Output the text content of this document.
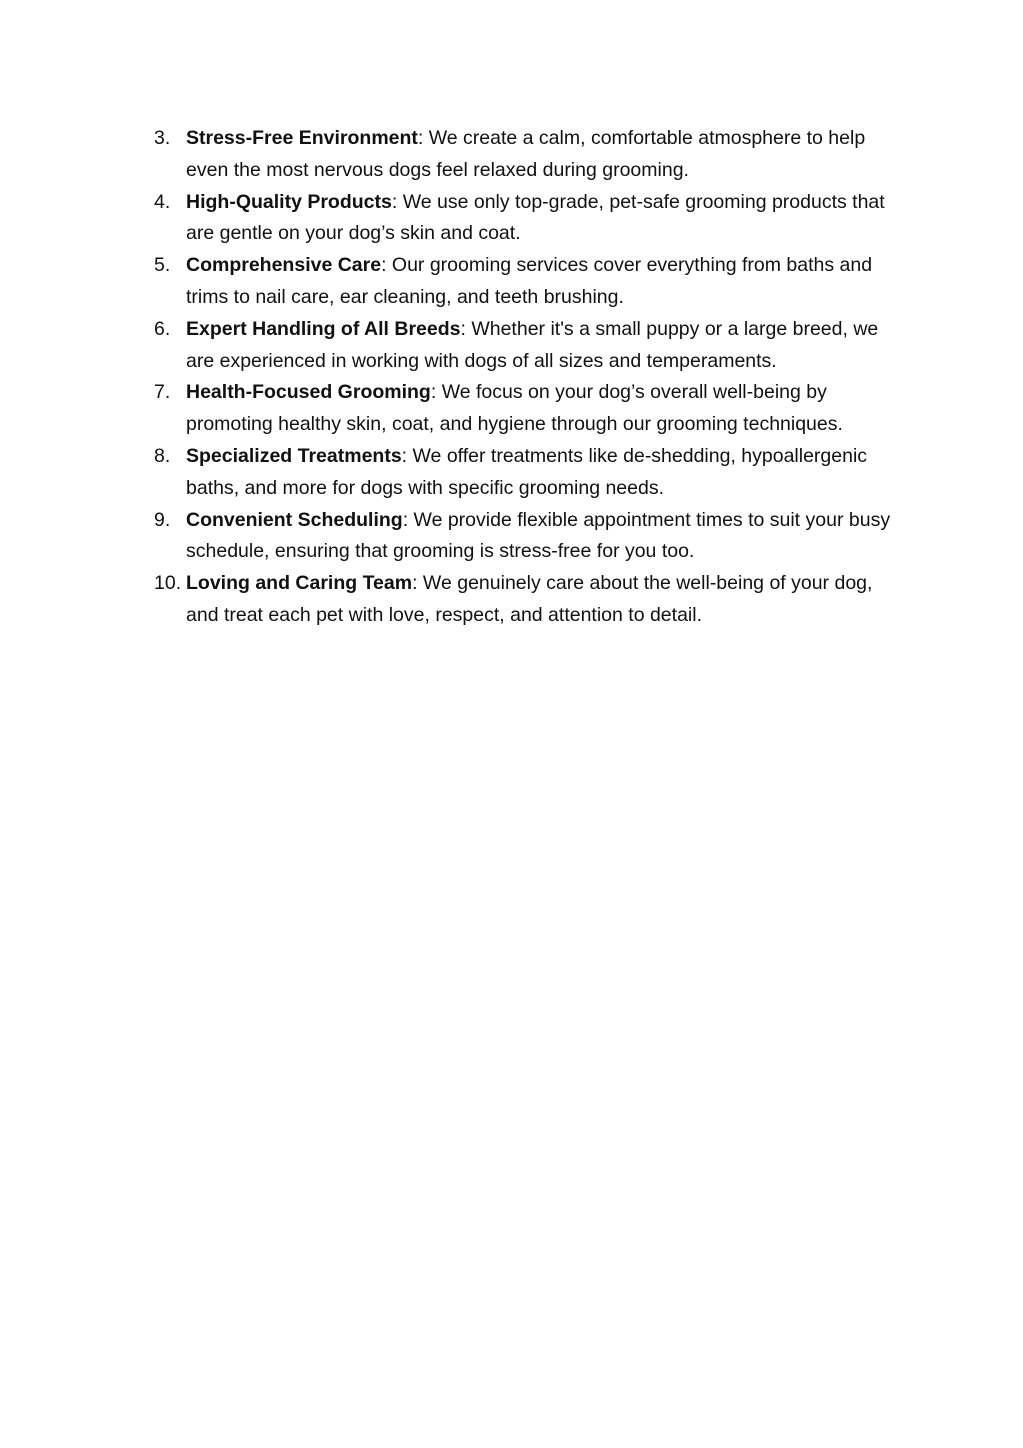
3. Stress-Free Environment: We create a calm, comfortable atmosphere to help even the most nervous dogs feel relaxed during grooming.
4. High-Quality Products: We use only top-grade, pet-safe grooming products that are gentle on your dog’s skin and coat.
5. Comprehensive Care: Our grooming services cover everything from baths and trims to nail care, ear cleaning, and teeth brushing.
6. Expert Handling of All Breeds: Whether it's a small puppy or a large breed, we are experienced in working with dogs of all sizes and temperaments.
7. Health-Focused Grooming: We focus on your dog’s overall well-being by promoting healthy skin, coat, and hygiene through our grooming techniques.
8. Specialized Treatments: We offer treatments like de-shedding, hypoallergenic baths, and more for dogs with specific grooming needs.
9. Convenient Scheduling: We provide flexible appointment times to suit your busy schedule, ensuring that grooming is stress-free for you too.
10. Loving and Caring Team: We genuinely care about the well-being of your dog, and treat each pet with love, respect, and attention to detail.
